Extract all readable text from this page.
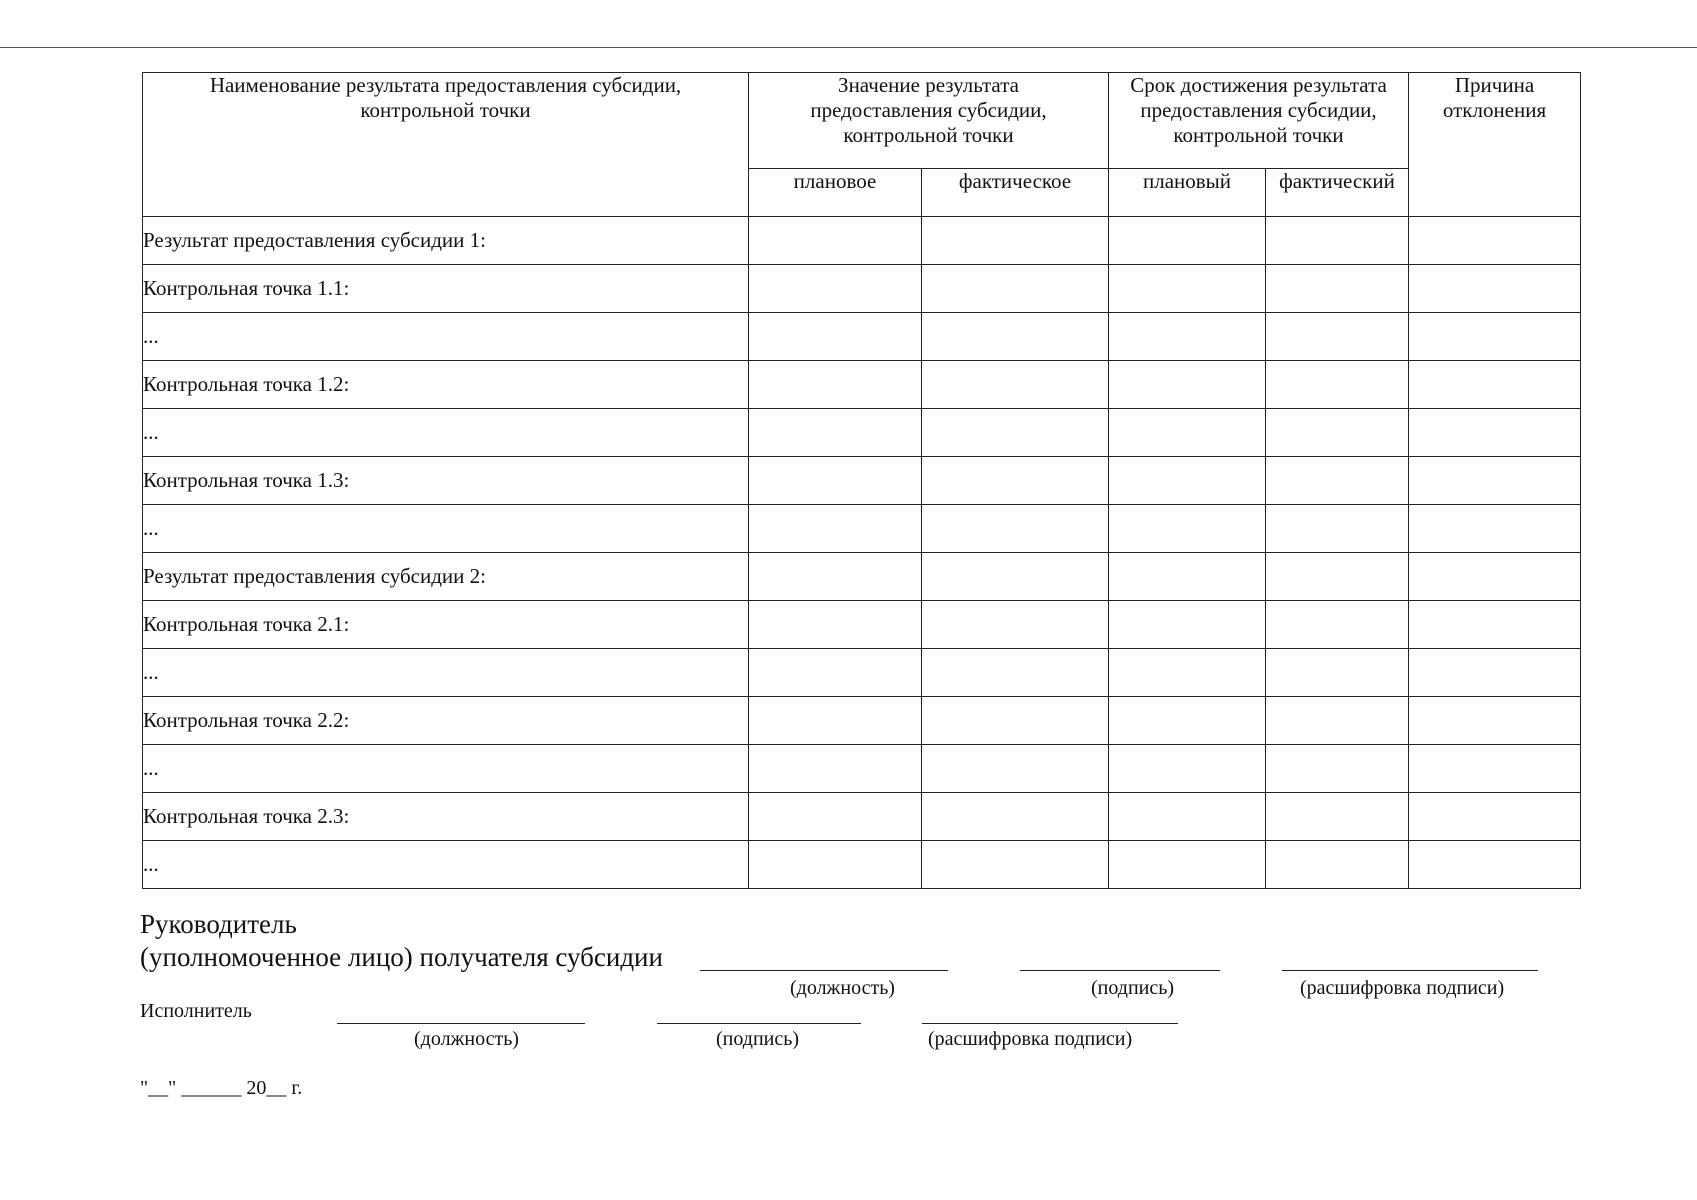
Наименование результата предоставления субсидии, контрольной точки	Значение результата предоставления субсидии, контрольной точки		Срок достижения результата предоставления субсидии, контрольной точки		Причина отклонения

	плановое	фактическое	плановый	фактический	
Результат предоставления субсидии 1:					
Контрольная точка 1.1:					
...					
Контрольная точка 1.2:					
...					
Контрольная точка 1.3:					
...					
Результат предоставления субсидии 2:					
Контрольная точка 2.1:					
...					
Контрольная точка 2.2:					
...					
Контрольная точка 2.3:					
...					
Руководитель
(уполномоченное лицо) получателя субсидии
(должность)	(подпись)	(расшифровка подписи)
Исполнитель
(должность)	(подпись)	(расшифровка подписи)
"__" ______ 20__ г.
